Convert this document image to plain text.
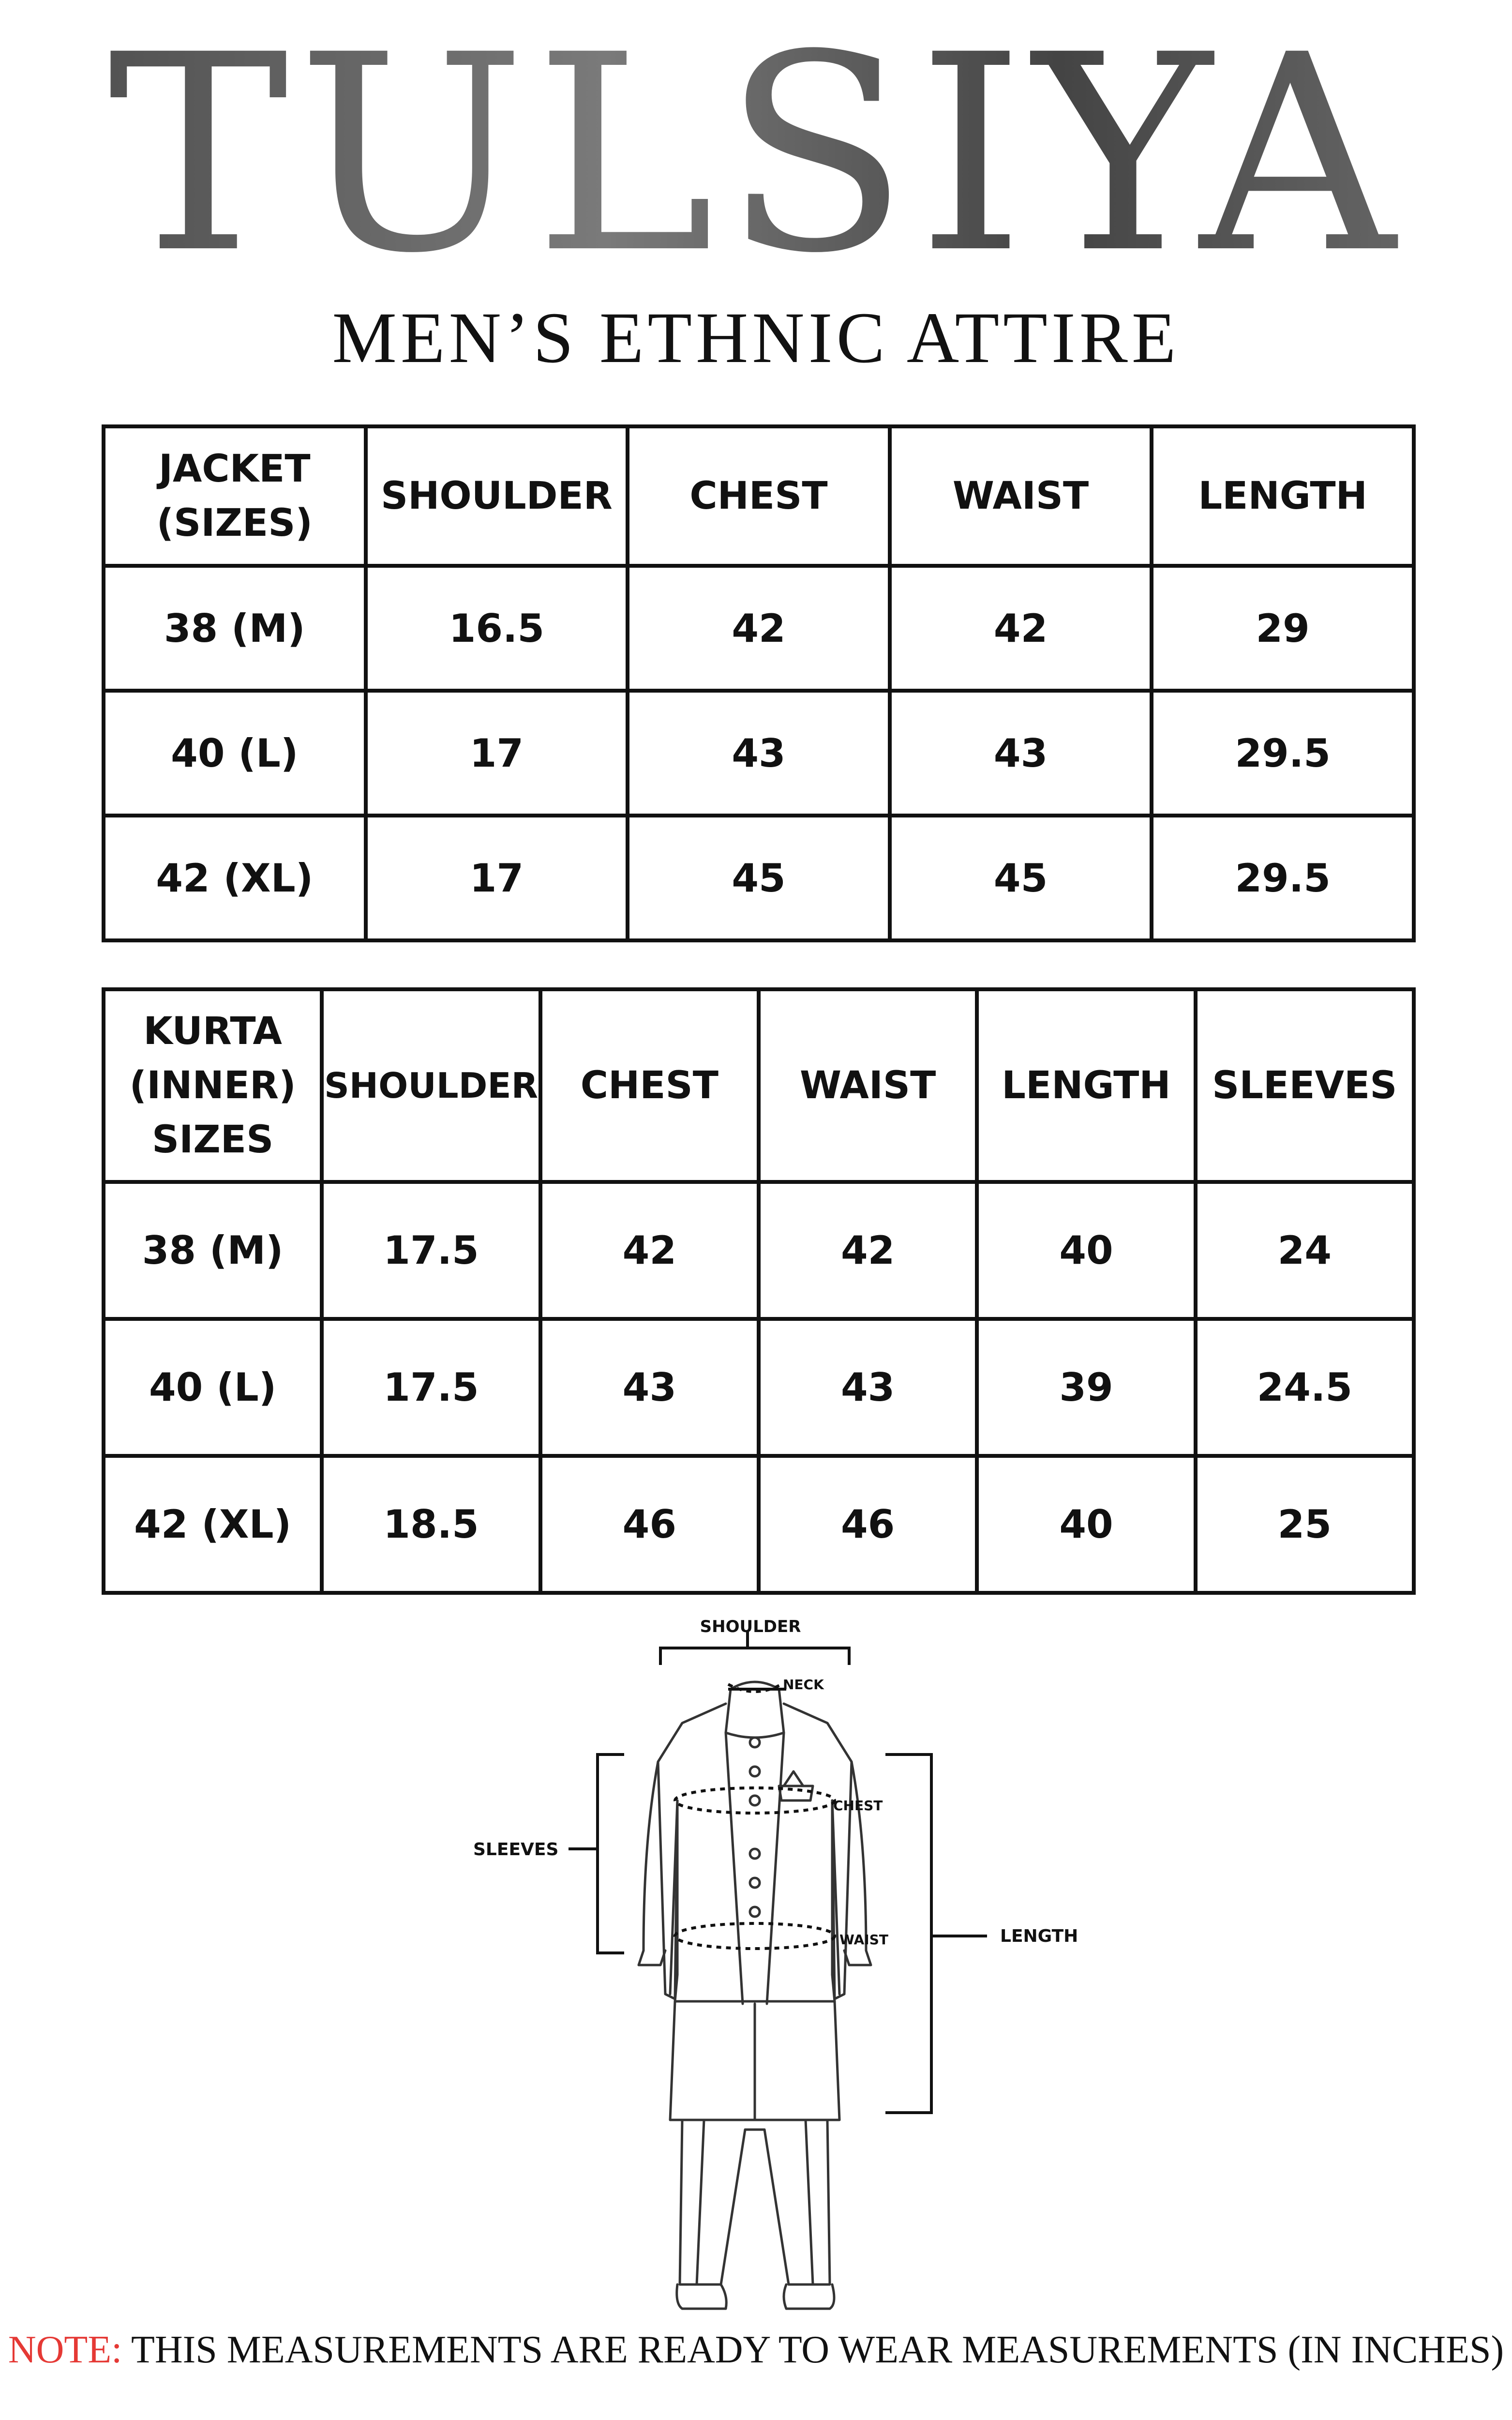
TULSIYA
MEN’S ETHNIC ATTIRE
JACKET (SIZES)	SHOULDER	CHEST	WAIST	LENGTH
38 (M)	16.5	42	42	29
40 (L)	17	43	43	29.5
42 (XL)	17	45	45	29.5
KURTA (INNER) SIZES	SHOULDER	CHEST	WAIST	LENGTH	SLEEVES
38 (M)	17.5	42	42	40	24
40 (L)	17.5	43	43	39	24.5
42 (XL)	18.5	46	46	40	25
SHOULDER
NECK
CHEST
SLEEVES
WAIST	LENGTH
NOTE: THIS MEASUREMENTS ARE READY TO WEAR MEASUREMENTS (IN INCHES)
